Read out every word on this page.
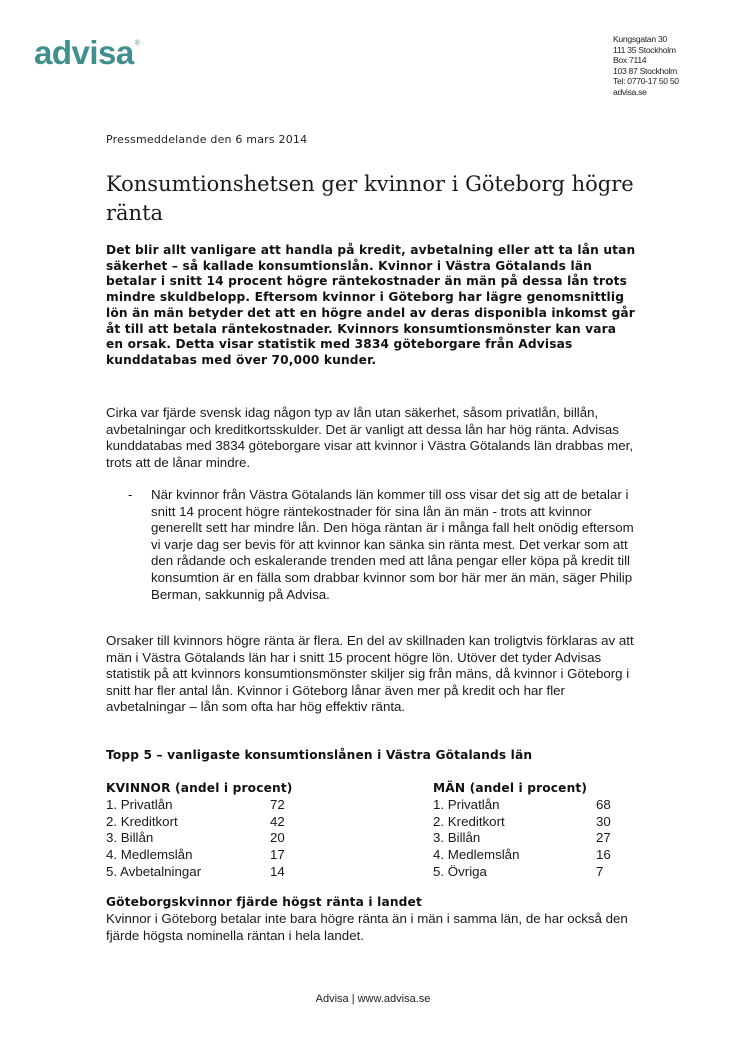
advisa®	Kungsgatan 30
111 35 Stockholm
Box 7114
103 87 Stockholm
Tel: 0770-17 50 50
advisa.se
Pressmeddelande den 6 mars 2014
Konsumtionshetsen ger kvinnor i Göteborg högre ränta

Det blir allt vanligare att handla på kredit, avbetalning eller att ta lån utan säkerhet – så kallade konsumtionslån. Kvinnor i Västra Götalands län betalar i snitt 14 procent högre räntekostnader än män på dessa lån trots mindre skuldbelopp. Eftersom kvinnor i Göteborg har lägre genomsnittlig lön än män betyder det att en högre andel av deras disponibla inkomst går åt till att betala räntekostnader. Kvinnors konsumtionsmönster kan vara en orsak. Detta visar statistik med 3834 göteborgare från Advisas kunddatabas med över 70,000 kunder.

Cirka var fjärde svensk idag någon typ av lån utan säkerhet, såsom privatlån, billån, avbetalningar och kreditkortsskulder. Det är vanligt att dessa lån har hög ränta. Advisas kunddatabas med 3834 göteborgare visar att kvinnor i Västra Götalands län drabbas mer, trots att de lånar mindre.

- När kvinnor från Västra Götalands län kommer till oss visar det sig att de betalar i snitt 14 procent högre räntekostnader för sina lån än män - trots att kvinnor generellt sett har mindre lån. Den höga räntan är i många fall helt onödig eftersom vi varje dag ser bevis för att kvinnor kan sänka sin ränta mest. Det verkar som att den rådande och eskalerande trenden med att låna pengar eller köpa på kredit till konsumtion är en fälla som drabbar kvinnor som bor här mer än män, säger Philip Berman, sakkunnig på Advisa.

Orsaker till kvinnors högre ränta är flera. En del av skillnaden kan troligtvis förklaras av att män i Västra Götalands län har i snitt 15 procent högre lön. Utöver det tyder Advisas statistik på att kvinnors konsumtionsmönster skiljer sig från mäns, då kvinnor i Göteborg i snitt har fler antal lån. Kvinnor i Göteborg lånar även mer på kredit och har fler avbetalningar – lån som ofta har hög effektiv ränta.

Topp 5 – vanligaste konsumtionslånen i Västra Götalands län

KVINNOR (andel i procent)
1. Privatlån	72
2. Kreditkort	42
3. Billån	20
4. Medlemslån	17
5. Avbetalningar	14
MÄN (andel i procent)
1. Privatlån	68
2. Kreditkort	30
3. Billån	27
4. Medlemslån	16
5. Övriga	7

Göteborgskvinnor fjärde högst ränta i landet

Kvinnor i Göteborg betalar inte bara högre ränta än i män i samma län, de har också den fjärde högsta nominella räntan i hela landet.

Advisa | www.advisa.se
